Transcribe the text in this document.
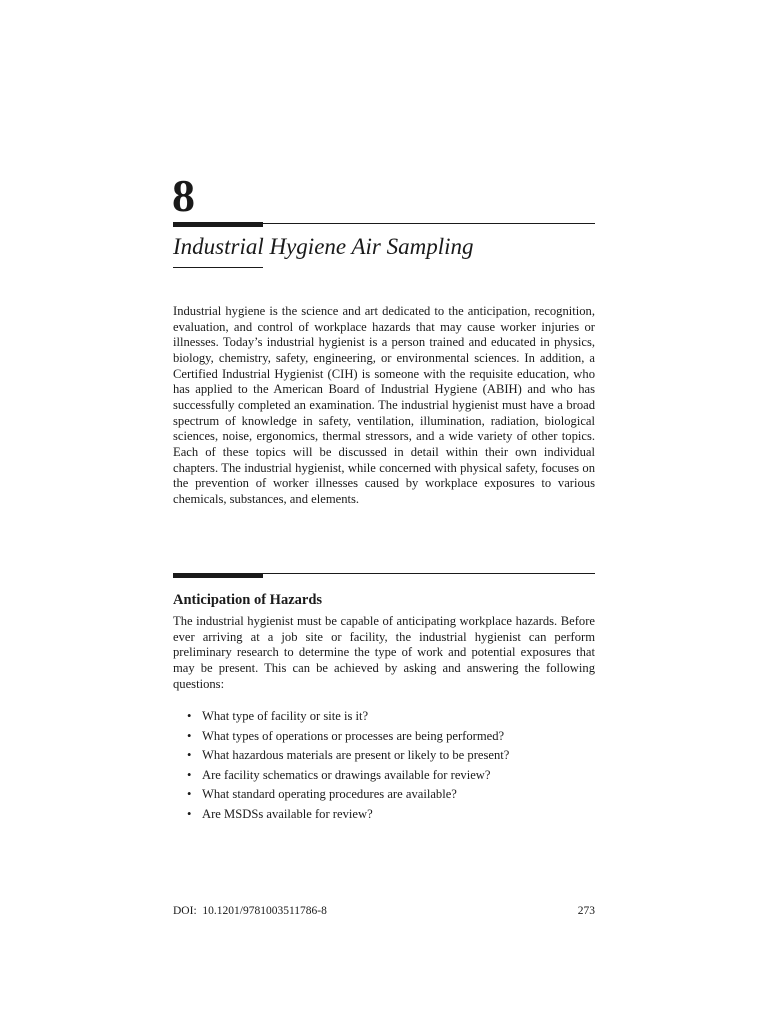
8
Industrial Hygiene Air Sampling

Industrial hygiene is the science and art dedicated to the anticipation, recognition, evaluation, and control of workplace hazards that may cause worker injuries or illnesses. Today’s industrial hygienist is a person trained and educated in physics, biology, chemistry, safety, engineering, or environmental sciences. In addition, a Certified Industrial Hygienist (CIH) is someone with the requisite education, who has applied to the American Board of Industrial Hygiene (ABIH) and who has successfully completed an examination. The industrial hygienist must have a broad spectrum of knowledge in safety, ventilation, illumination, radiation, biological sciences, noise, ergonomics, thermal stressors, and a wide variety of other topics. Each of these topics will be discussed in detail within their own individual chapters. The industrial hygienist, while concerned with physical safety, focuses on the prevention of worker illnesses caused by workplace exposures to various chemicals, substances, and elements.

Anticipation of Hazards

The industrial hygienist must be capable of anticipating workplace hazards. Before ever arriving at a job site or facility, the industrial hygienist can perform preliminary research to determine the type of work and potential exposures that may be present. This can be achieved by asking and answering the following questions:

• What type of facility or site is it?
• What types of operations or processes are being performed?
• What hazardous materials are present or likely to be present?
• Are facility schematics or drawings available for review?
• What standard operating procedures are available?
• Are MSDSs available for review?
DOI:  10.1201/9781003511786-8	273
